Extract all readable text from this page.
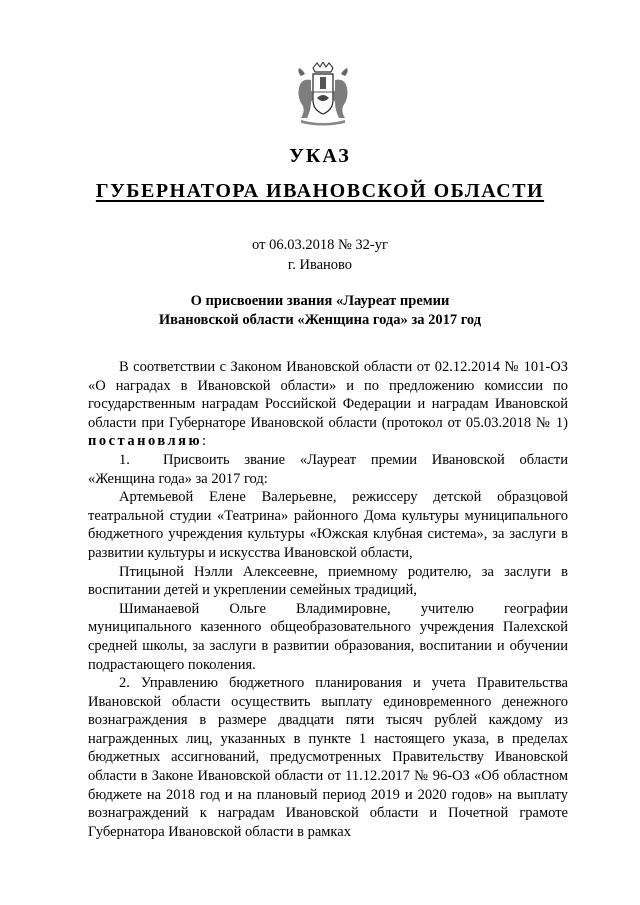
УКАЗ
ГУБЕРНАТОРА ИВАНОВСКОЙ ОБЛАСТИ
от 06.03.2018 № 32-уг
г. Иваново
О присвоении звания «Лауреат премии
Ивановской области «Женщина года» за 2017 год

В соответствии с Законом Ивановской области от 02.12.2014 № 101-ОЗ «О наградах в Ивановской области» и по предложению комиссии по государственным наградам Российской Федерации и наградам Ивановской области при Губернаторе Ивановской области (протокол от 05.03.2018 № 1) постановляю:

1. Присвоить звание «Лауреат премии Ивановской области «Женщина года» за 2017 год:

Артемьевой Елене Валерьевне, режиссеру детской образцовой театральной студии «Театрина» районного Дома культуры муниципального бюджетного учреждения культуры «Южская клубная система», за заслуги в развитии культуры и искусства Ивановской области,

Птицыной Нэлли Алексеевне, приемному родителю, за заслуги в воспитании детей и укреплении семейных традиций,

Шиманаевой Ольге Владимировне, учителю географии муниципального казенного общеобразовательного учреждения Палехской средней школы, за заслуги в развитии образования, воспитании и обучении подрастающего поколения.

2. Управлению бюджетного планирования и учета Правительства Ивановской области осуществить выплату единовременного денежного вознаграждения в размере двадцати пяти тысяч рублей каждому из награжденных лиц, указанных в пункте 1 настоящего указа, в пределах бюджетных ассигнований, предусмотренных Правительству Ивановской области в Законе Ивановской области от 11.12.2017 № 96-ОЗ «Об областном бюджете на 2018 год и на плановый период 2019 и 2020 годов» на выплату вознаграждений к наградам Ивановской области и Почетной грамоте Губернатора Ивановской области в рамках
